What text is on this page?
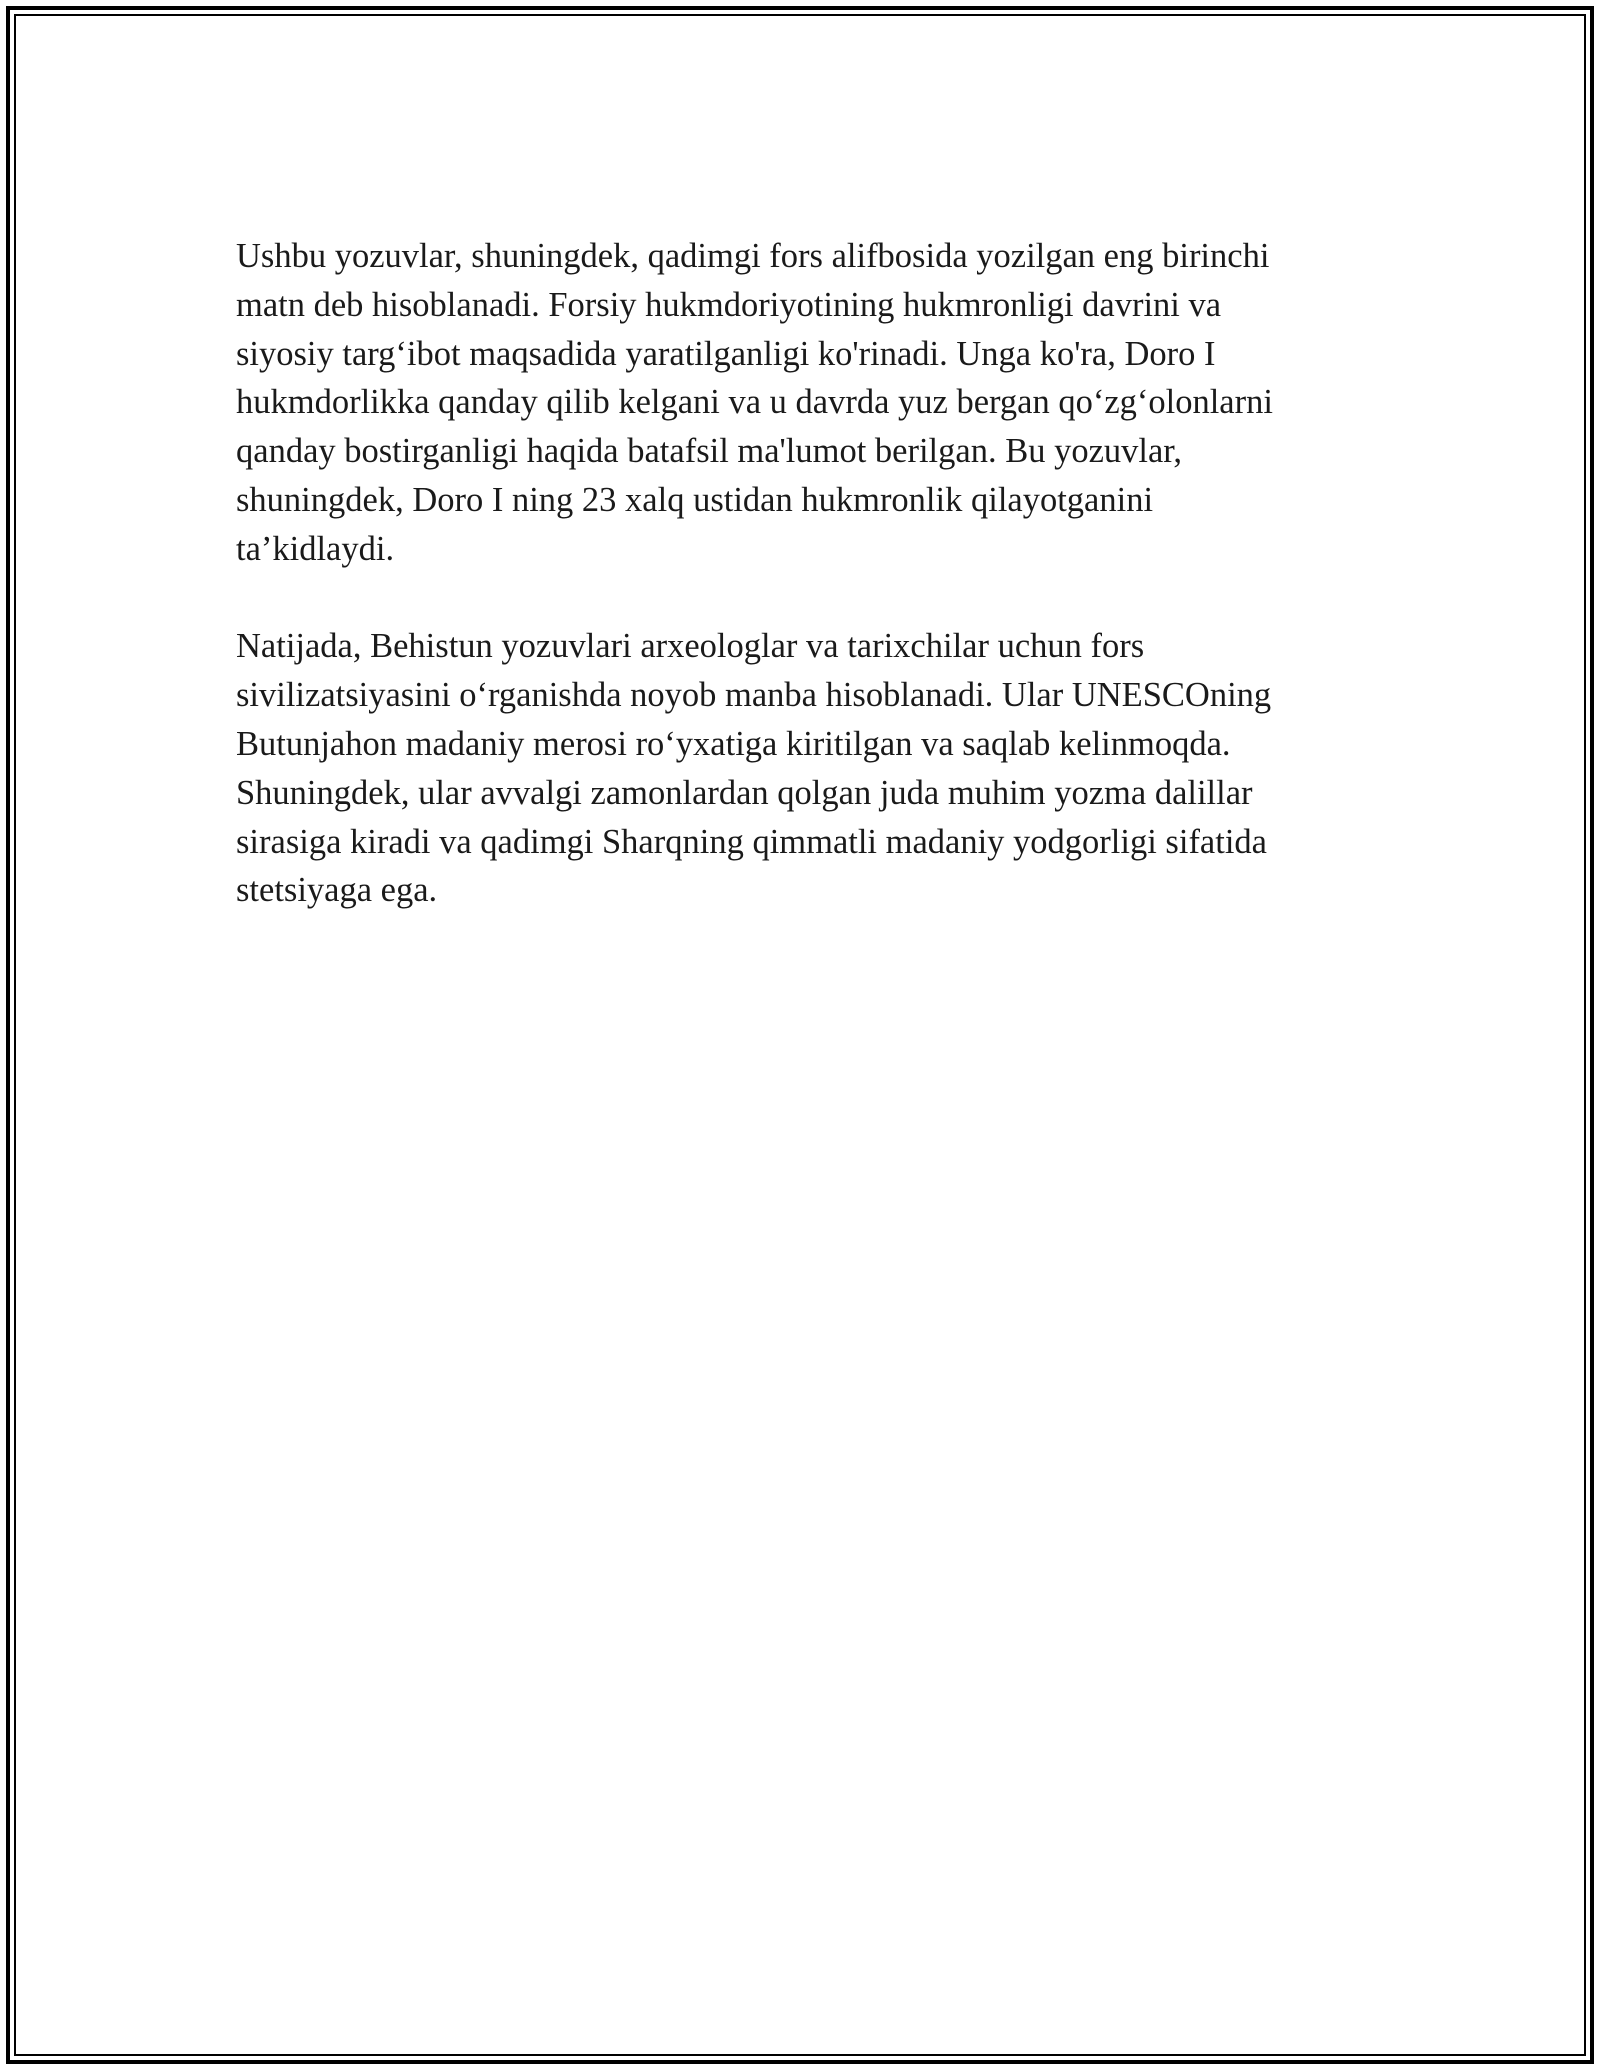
Ushbu yozuvlar, shuningdek, qadimgi fors alifbosida yozilgan eng birinchi
matn deb hisoblanadi. Forsiy hukmdoriyotining hukmronligi davrini va
siyosiy targ‘ibot maqsadida yaratilganligi ko'rinadi. Unga ko'ra, Doro I
hukmdorlikka qanday qilib kelgani va u davrda yuz bergan qo‘zg‘olonlarni
qanday bostirganligi haqida batafsil ma'lumot berilgan. Bu yozuvlar,
shuningdek, Doro I ning 23 xalq ustidan hukmronlik qilayotganini
ta’kidlaydi.

Natijada, Behistun yozuvlari arxeologlar va tarixchilar uchun fors
sivilizatsiyasini o‘rganishda noyob manba hisoblanadi. Ular UNESCOning
Butunjahon madaniy merosi ro‘yxatiga kiritilgan va saqlab kelinmoqda.
Shuningdek, ular avvalgi zamonlardan qolgan juda muhim yozma dalillar
sirasiga kiradi va qadimgi Sharqning qimmatli madaniy yodgorligi sifatida
stetsiyaga ega.
